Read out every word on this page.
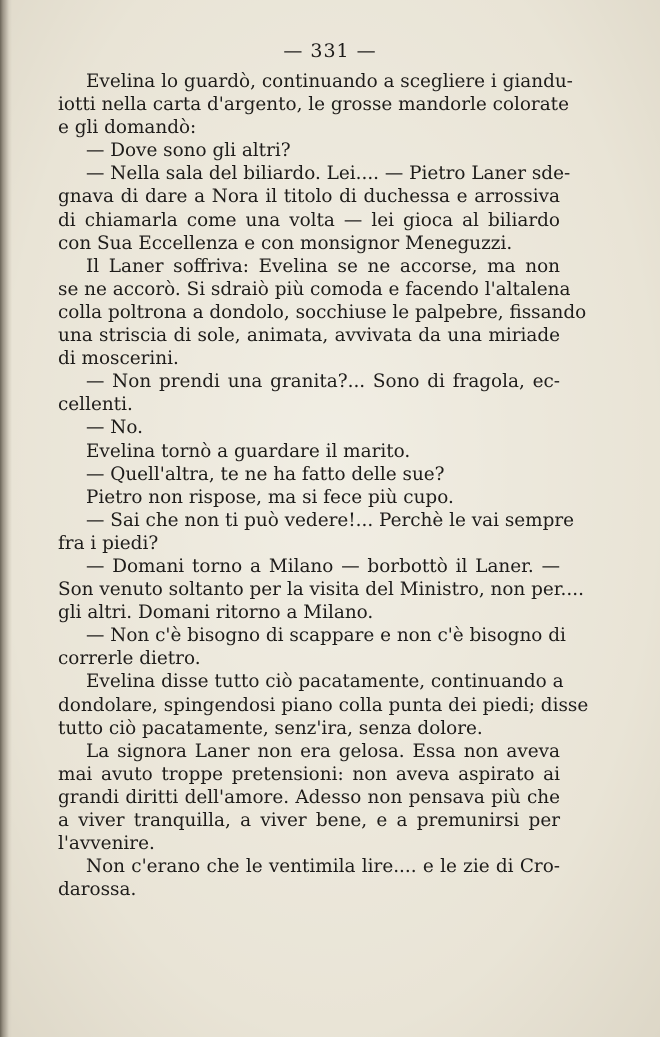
— 331 —
Evelina lo guardò, continuando a scegliere i giandu-
iotti nella carta d'argento, le grosse mandorle colorate
e gli domandò:
— Dove sono gli altri?
— Nella sala del biliardo. Lei.... — Pietro Laner sde-
gnava di dare a Nora il titolo di duchessa e arrossiva
di chiamarla come una volta — lei gioca al biliardo
con Sua Eccellenza e con monsignor Meneguzzi.
Il Laner soffriva: Evelina se ne accorse, ma non
se ne accorò. Si sdraiò più comoda e facendo l'altalena
colla poltrona a dondolo, socchiuse le palpebre, fissando
una striscia di sole, animata, avvivata da una miriade
di moscerini.
— Non prendi una granita?... Sono di fragola, ec-
cellenti.
— No.
Evelina tornò a guardare il marito.
— Quell'altra, te ne ha fatto delle sue?
Pietro non rispose, ma si fece più cupo.
— Sai che non ti può vedere!... Perchè le vai sempre
fra i piedi?
— Domani torno a Milano — borbottò il Laner. —
Son venuto soltanto per la visita del Ministro, non per....
gli altri. Domani ritorno a Milano.
— Non c'è bisogno di scappare e non c'è bisogno di
correrle dietro.
Evelina disse tutto ciò pacatamente, continuando a
dondolare, spingendosi piano colla punta dei piedi; disse
tutto ciò pacatamente, senz'ira, senza dolore.
La signora Laner non era gelosa. Essa non aveva
mai avuto troppe pretensioni: non aveva aspirato ai
grandi diritti dell'amore. Adesso non pensava più che
a viver tranquilla, a viver bene, e a premunirsi per
l'avvenire.
Non c'erano che le ventimila lire.... e le zie di Cro-
darossa.
